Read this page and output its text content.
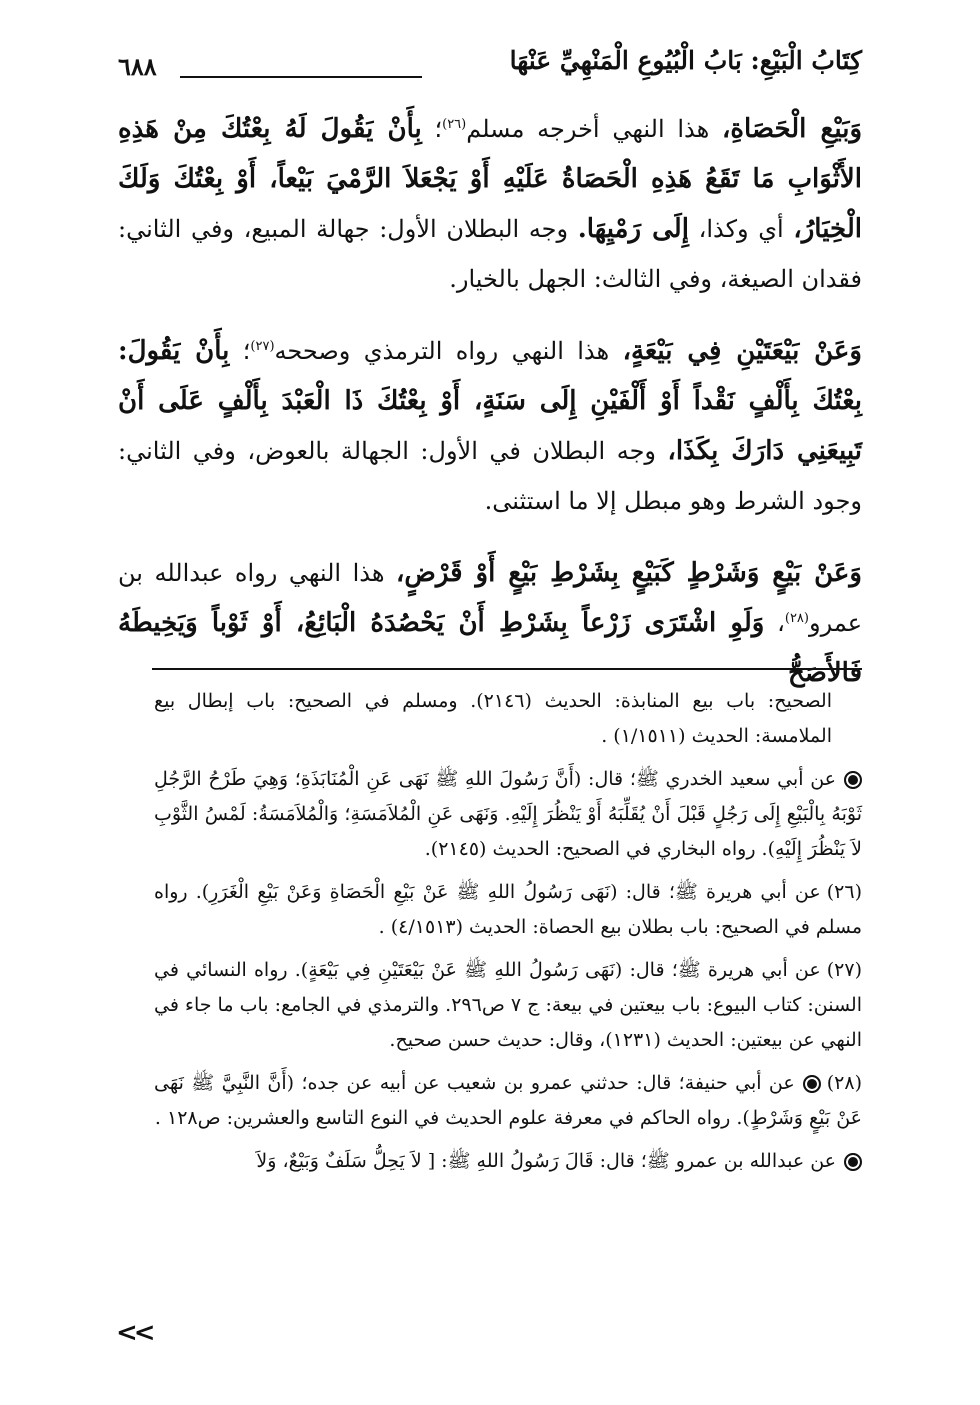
كِتَابُ الْبَيْعِ: بَابُ الْبُيُوعِ الْمَنْهِيِّ عَنْهَا
٦٨٨

وَبَيْعِ الْحَصَاةِ، هذا النهي أخرجه مسلم$^{(٢٦)}$؛ بِأَنْ يَقُولَ لَهُ بِعْتُكَ مِنْ هَذِهِ الأَثْوَابِ مَا تَقَعُ هَذِهِ الْحَصَاةُ عَلَيْهِ أَوْ يَجْعَلاَ الرَّمْيَ بَيْعاً، أَوْ بِعْتُكَ وَلَكَ الْخِيَارُ، أي وكذا، إِلَى رَمْيِهَا. وجه البطلان الأول: جهالة المبيع، وفي الثاني: فقدان الصيغة، وفي الثالث: الجهل بالخيار.

وَعَنْ بَيْعَتَيْنِ فِي بَيْعَةٍ، هذا النهي رواه الترمذي وصححه$^{(٢٧)}$؛ بِأَنْ يَقُولَ: بِعْتُكَ بِأَلْفٍ نَقْداً أَوْ أَلْفَيْنِ إِلَى سَنَةٍ، أَوْ بِعْتُكَ ذَا الْعَبْدَ بِأَلْفٍ عَلَى أَنْ تَبِيعَنِي دَارَكَ بِكَذَا، وجه البطلان في الأول: الجهالة بالعوض، وفي الثاني: وجود الشرط وهو مبطل إلا ما استثنى.

وَعَنْ بَيْعٍ وَشَرْطٍ كَبَيْعٍ بِشَرْطِ بَيْعٍ أَوْ قَرْضٍ، هذا النهي رواه عبدالله بن عمرو$^{(٢٨)}$، وَلَوِ اشْتَرَى زَرْعاً بِشَرْطِ أَنْ يَحْصُدَهُ الْبَائِعُ، أَوْ ثَوْباً وَيَخِيطَهُ فَالأَصَحُّ

الصحيح: باب بيع المنابذة: الحديث (٢١٤٦). ومسلم في الصحيح: باب إبطال بيع الملامسة: الحديث (١/١٥١١) .

عن أبي سعيد الخدري ﷺ؛ قال: (أَنَّ رَسُولَ اللهِ ﷺ نَهَى عَنِ الْمُنَابَذَةِ؛ وَهِيَ طَرْحُ الرَّجُلِ ثَوْبَهُ بِالْبَيْعِ إِلَى رَجُلٍ قَبْلَ أَنْ يُقَلِّبَهُ أَوْ يَنْظُرَ إِلَيْهِ. وَنَهَى عَنِ الْمُلاَمَسَةِ؛ وَالْمُلاَمَسَةُ: لَمْسُ الثَّوْبِ لاَ يَنْظُرَ إِلَيْهِ). رواه البخاري في الصحيح: الحديث (٢١٤٥).

(٢٦)عن أبي هريرة ﷺ؛ قال: (نَهَى رَسُولُ اللهِ ﷺ عَنْ بَيْعِ الْحَصَاةِ وَعَنْ بَيْعِ الْغَرَرِ). رواه مسلم في الصحيح: باب بطلان بيع الحصاة: الحديث (٤/١٥١٣) .

(٢٧)عن أبي هريرة ﷺ؛ قال: (نَهَى رَسُولُ اللهِ ﷺ عَنْ بَيْعَتَيْنِ فِي بَيْعَةٍ). رواه النسائي في السنن: كتاب البيوع: باب بيعتين في بيعة: ج ٧ ص٢٩٦. والترمذي في الجامع: باب ما جاء في النهي عن بيعتين: الحديث (١٢٣١)، وقال: حديث حسن صحيح.

(٢٨)عن أبي حنيفة؛ قال: حدثني عمرو بن شعيب عن أبيه عن جده؛ (أَنَّ النَّبِيَّ ﷺ نَهَى عَنْ بَيْعٍ وَشَرْطٍ). رواه الحاكم في معرفة علوم الحديث في النوع التاسع والعشرين: ص١٢٨ .

عن عبدالله بن عمرو ﷺ؛ قال: قَالَ رَسُولُ اللهِ ﷺ: [ لاَ يَحِلُّ سَلَفٌ وَبَيْعٌ، وَلاَ

<<
